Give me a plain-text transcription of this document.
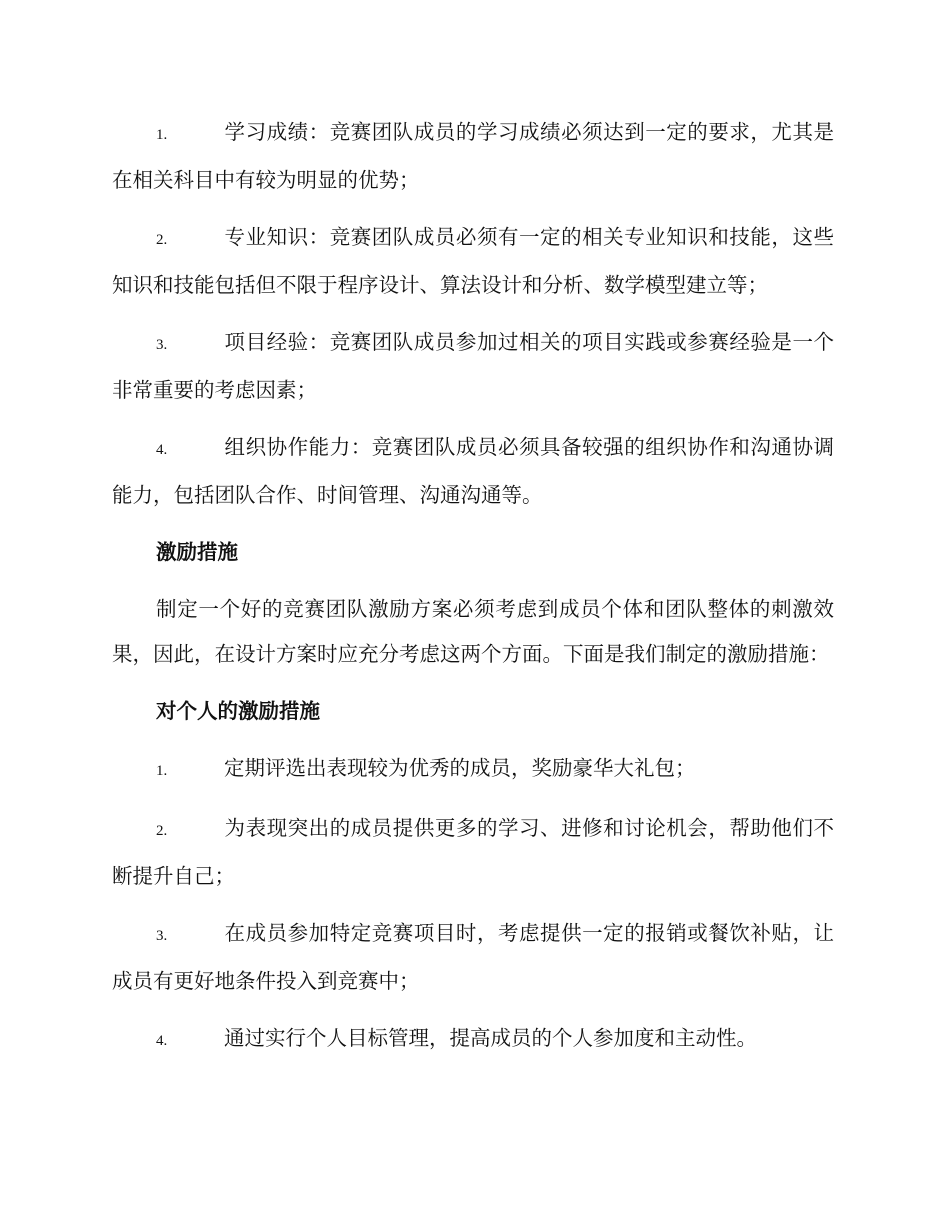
1.	学习成绩：竞赛团队成员的学习成绩必须达到一定的要求，尤其是在相关科目中有较为明显的优势；
2.	专业知识：竞赛团队成员必须有一定的相关专业知识和技能，这些知识和技能包括但不限于程序设计、算法设计和分析、数学模型建立等；
3.	项目经验：竞赛团队成员参加过相关的项目实践或参赛经验是一个非常重要的考虑因素；
4.	组织协作能力：竞赛团队成员必须具备较强的组织协作和沟通协调能力，包括团队合作、时间管理、沟通沟通等。
激励措施
制定一个好的竞赛团队激励方案必须考虑到成员个体和团队整体的刺激效果，因此，在设计方案时应充分考虑这两个方面。下面是我们制定的激励措施：
对个人的激励措施
1.	定期评选出表现较为优秀的成员，奖励豪华大礼包；
2.	为表现突出的成员提供更多的学习、进修和讨论机会，帮助他们不断提升自己；
3.	在成员参加特定竞赛项目时，考虑提供一定的报销或餐饮补贴，让成员有更好地条件投入到竞赛中；
4.	通过实行个人目标管理，提高成员的个人参加度和主动性。
